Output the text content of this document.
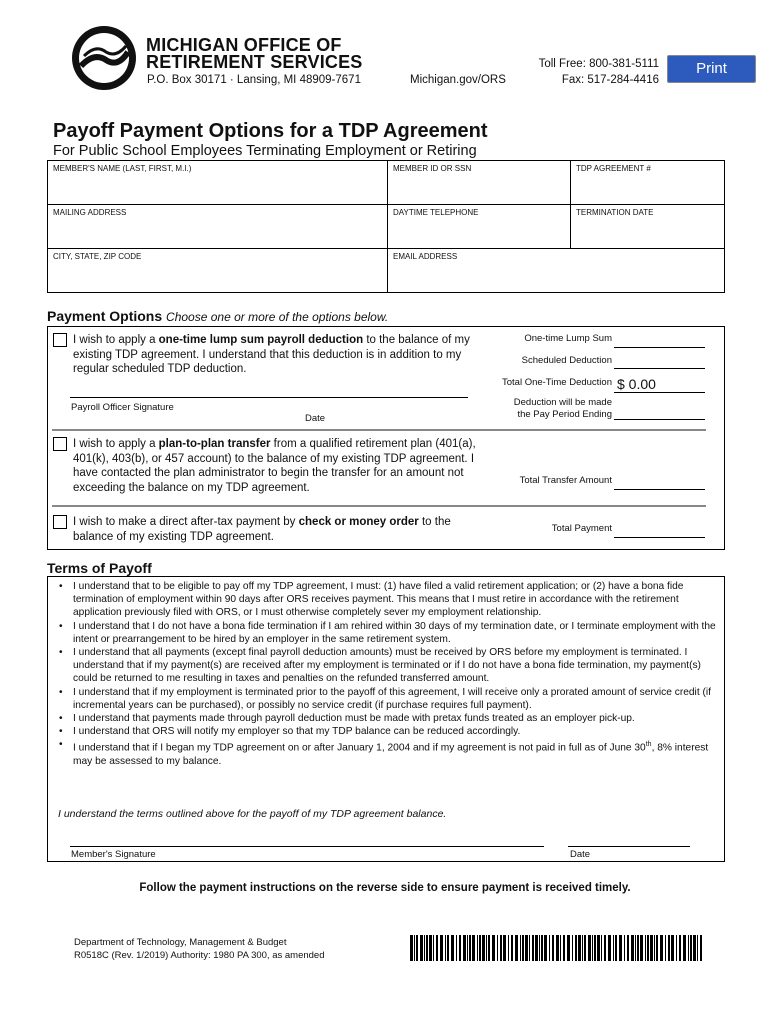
MICHIGAN OFFICE OF
RETIREMENT SERVICES
P.O. Box 30171 · Lansing, MI 48909-7671	Michigan.gov/ORS
Toll Free: 800-381-5111
Fax: 517-284-4416
Print
Payoff Payment Options for a TDP Agreement
For Public School Employees Terminating Employment or Retiring
MEMBER'S NAME (LAST, FIRST, M.I.)	MEMBER ID OR SSN	TDP AGREEMENT #

MAILING ADDRESS	DAYTIME TELEPHONE	TERMINATION DATE

CITY, STATE, ZIP CODE	EMAIL ADDRESS	
Payment Options Choose one or more of the options below.
I wish to apply a one-time lump sum payroll deduction to the balance of my existing TDP agreement. I understand that this deduction is in addition to my regular scheduled TDP deduction.
Payroll Officer Signature
Date
One-time Lump Sum
Scheduled Deduction
Total One-Time Deduction $ 0.00
Deduction will be made
the Pay Period Ending
I wish to apply a plan-to-plan transfer from a qualified retirement plan (401(a), 401(k), 403(b), or 457 account) to the balance of my existing TDP agreement. I have contacted the plan administrator to begin the transfer for an amount not exceeding the balance on my TDP agreement.
Total Transfer Amount
I wish to make a direct after-tax payment by check or money order to the balance of my existing TDP agreement.
Total Payment
Terms of Payoff
• I understand that to be eligible to pay off my TDP agreement, I must: (1) have filed a valid retirement application; or (2) have a bona fide termination of employment within 90 days after ORS receives payment. This means that I must retire in accordance with the retirement application previously filed with ORS, or I must otherwise completely sever my employment relationship.
• I understand that I do not have a bona fide termination if I am rehired within 30 days of my termination date, or I terminate employment with the intent or prearrangement to be hired by an employer in the same retirement system.
• I understand that all payments (except final payroll deduction amounts) must be received by ORS before my employment is terminated. I understand that if my payment(s) are received after my employment is terminated or if I do not have a bona fide termination, my payment(s) could be returned to me resulting in taxes and penalties on the refunded transferred amount.
• I understand that if my employment is terminated prior to the payoff of this agreement, I will receive only a prorated amount of service credit (if incremental years can be purchased), or possibly no service credit (if purchase requires full payment).
• I understand that payments made through payroll deduction must be made with pretax funds treated as an employer pick-up.
• I understand that ORS will notify my employer so that my TDP balance can be reduced accordingly.
• I understand that if I began my TDP agreement on or after January 1, 2004 and if my agreement is not paid in full as of June 30th, 8% interest may be assessed to my balance.
I understand the terms outlined above for the payoff of my TDP agreement balance.
Member's Signature	Date
Follow the payment instructions on the reverse side to ensure payment is received timely.
Department of Technology, Management & Budget
R0518C (Rev. 1/2019) Authority: 1980 PA 300, as amended
